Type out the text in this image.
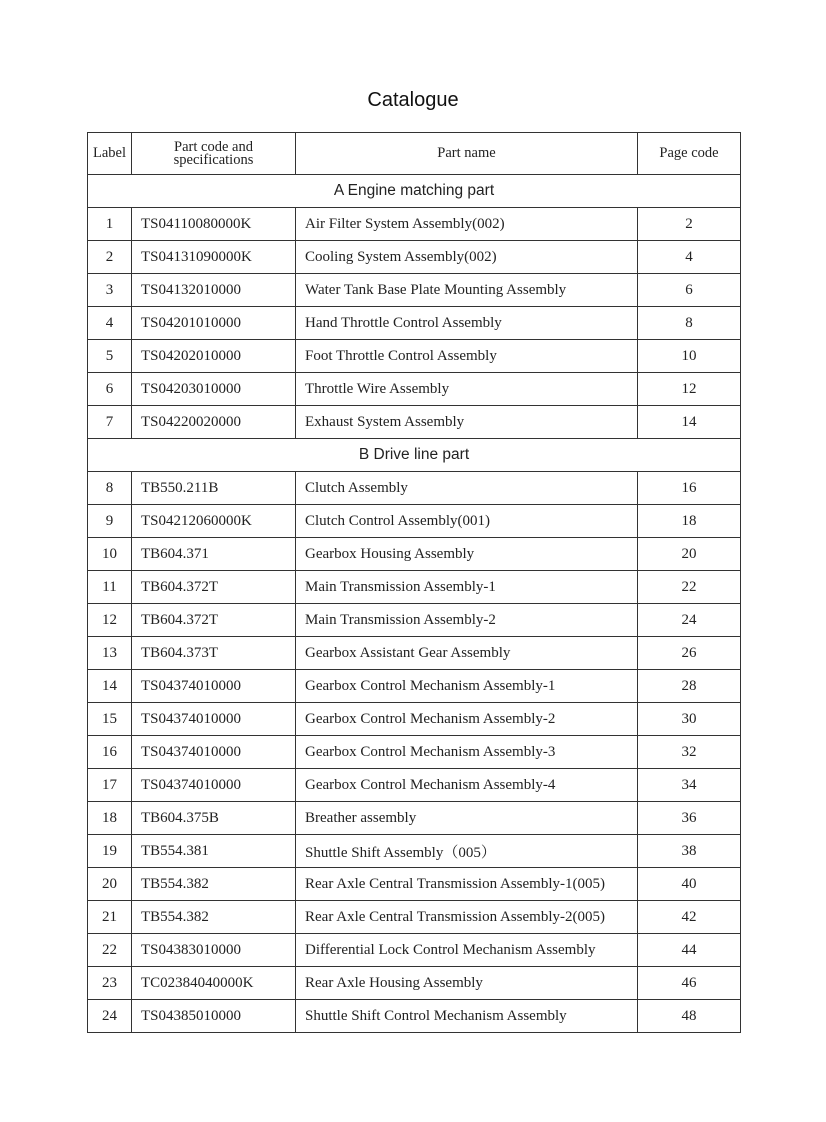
Catalogue
Label	Part code and specifications	Part name	Page code
A Engine matching part			
1	TS04110080000K	Air Filter System Assembly(002)	2
2	TS04131090000K	Cooling System Assembly(002)	4
3	TS04132010000	Water Tank Base Plate Mounting Assembly	6
4	TS04201010000	Hand Throttle Control Assembly	8
5	TS04202010000	Foot Throttle Control Assembly	10
6	TS04203010000	Throttle Wire Assembly	12
7	TS04220020000	Exhaust System Assembly	14
B Drive line part			
8	TB550.211B	Clutch Assembly	16
9	TS04212060000K	Clutch Control Assembly(001)	18
10	TB604.371	Gearbox Housing Assembly	20
11	TB604.372T	Main Transmission Assembly-1	22
12	TB604.372T	Main Transmission Assembly-2	24
13	TB604.373T	Gearbox Assistant Gear Assembly	26
14	TS04374010000	Gearbox Control Mechanism Assembly-1	28
15	TS04374010000	Gearbox Control Mechanism Assembly-2	30
16	TS04374010000	Gearbox Control Mechanism Assembly-3	32
17	TS04374010000	Gearbox Control Mechanism Assembly-4	34
18	TB604.375B	Breather assembly	36
19	TB554.381	Shuttle Shift Assembly（005）	38
20	TB554.382	Rear Axle Central Transmission Assembly-1(005)	40
21	TB554.382	Rear Axle Central Transmission Assembly-2(005)	42
22	TS04383010000	Differential Lock Control Mechanism Assembly	44
23	TC02384040000K	Rear Axle Housing Assembly	46
24	TS04385010000	Shuttle Shift Control Mechanism Assembly	48
